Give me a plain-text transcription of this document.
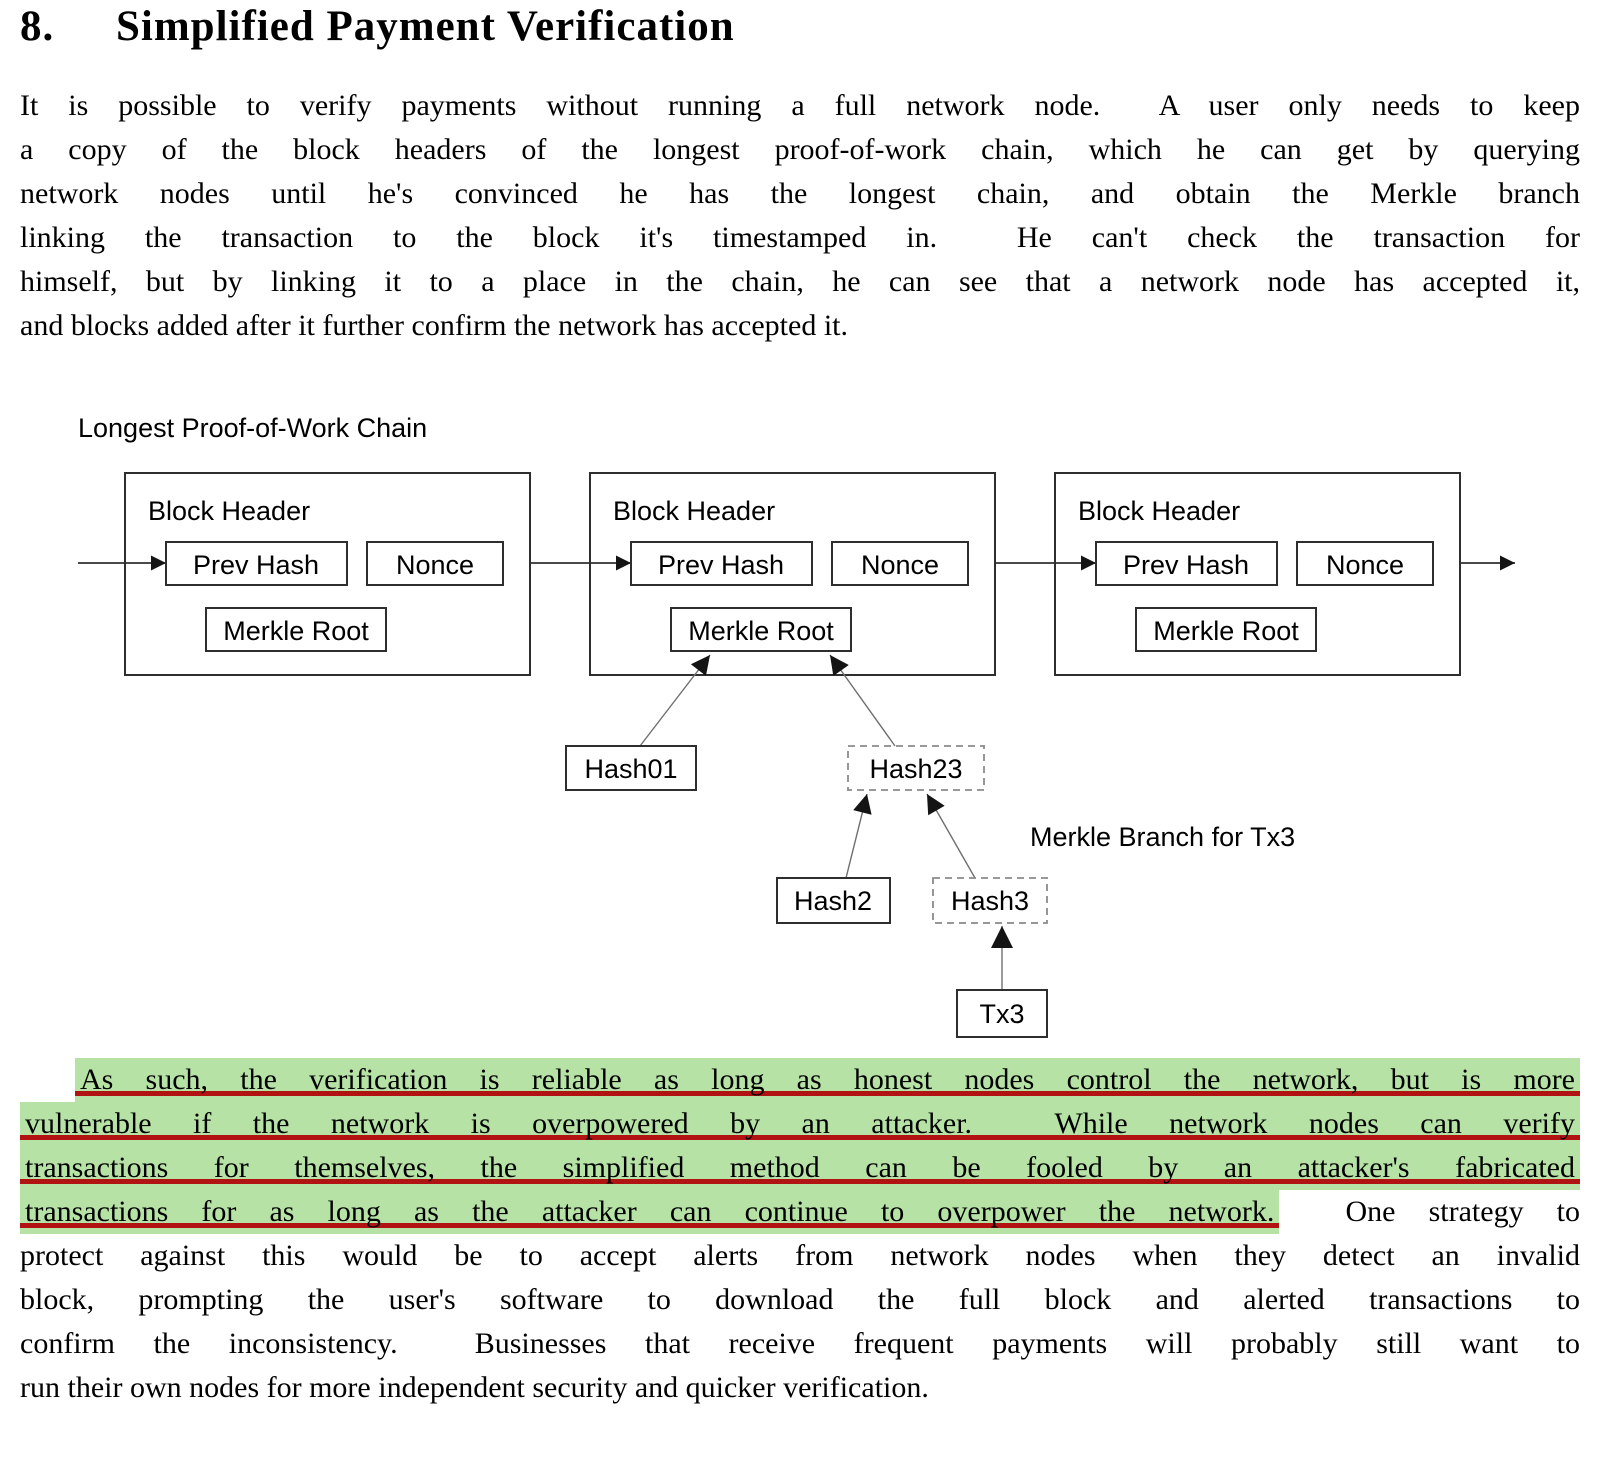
8. Simplified Payment Verification
It is possible to verify payments without running a full network node.  A user only needs to keep
a copy of the block headers of the longest proof-of-work chain, which he can get by querying
network nodes until he's convinced he has the longest chain, and obtain the Merkle branch
linking the transaction to the block it's timestamped in.  He can't check the transaction for
himself, but by linking it to a place in the chain, he can see that a network node has accepted it,
and blocks added after it further confirm the network has accepted it.
Longest Proof-of-Work Chain
Block Header
Prev Hash	Nonce
Merkle Root
Block Header
Prev Hash	Nonce
Merkle Root
Block Header
Prev Hash	Nonce
Merkle Root
Hash01	Hash23
Hash2	Hash3
Tx3
Merkle Branch for Tx3
As such, the verification is reliable as long as honest nodes control the network, but is more
vulnerable if the network is overpowered by an attacker.  While network nodes can verify
transactions for themselves, the simplified method can be fooled by an attacker's fabricated
transactions for as long as the attacker can continue to overpower the network.  One strategy to
protect against this would be to accept alerts from network nodes when they detect an invalid
block, prompting the user's software to download the full block and alerted transactions to
confirm the inconsistency.  Businesses that receive frequent payments will probably still want to
run their own nodes for more independent security and quicker verification.
